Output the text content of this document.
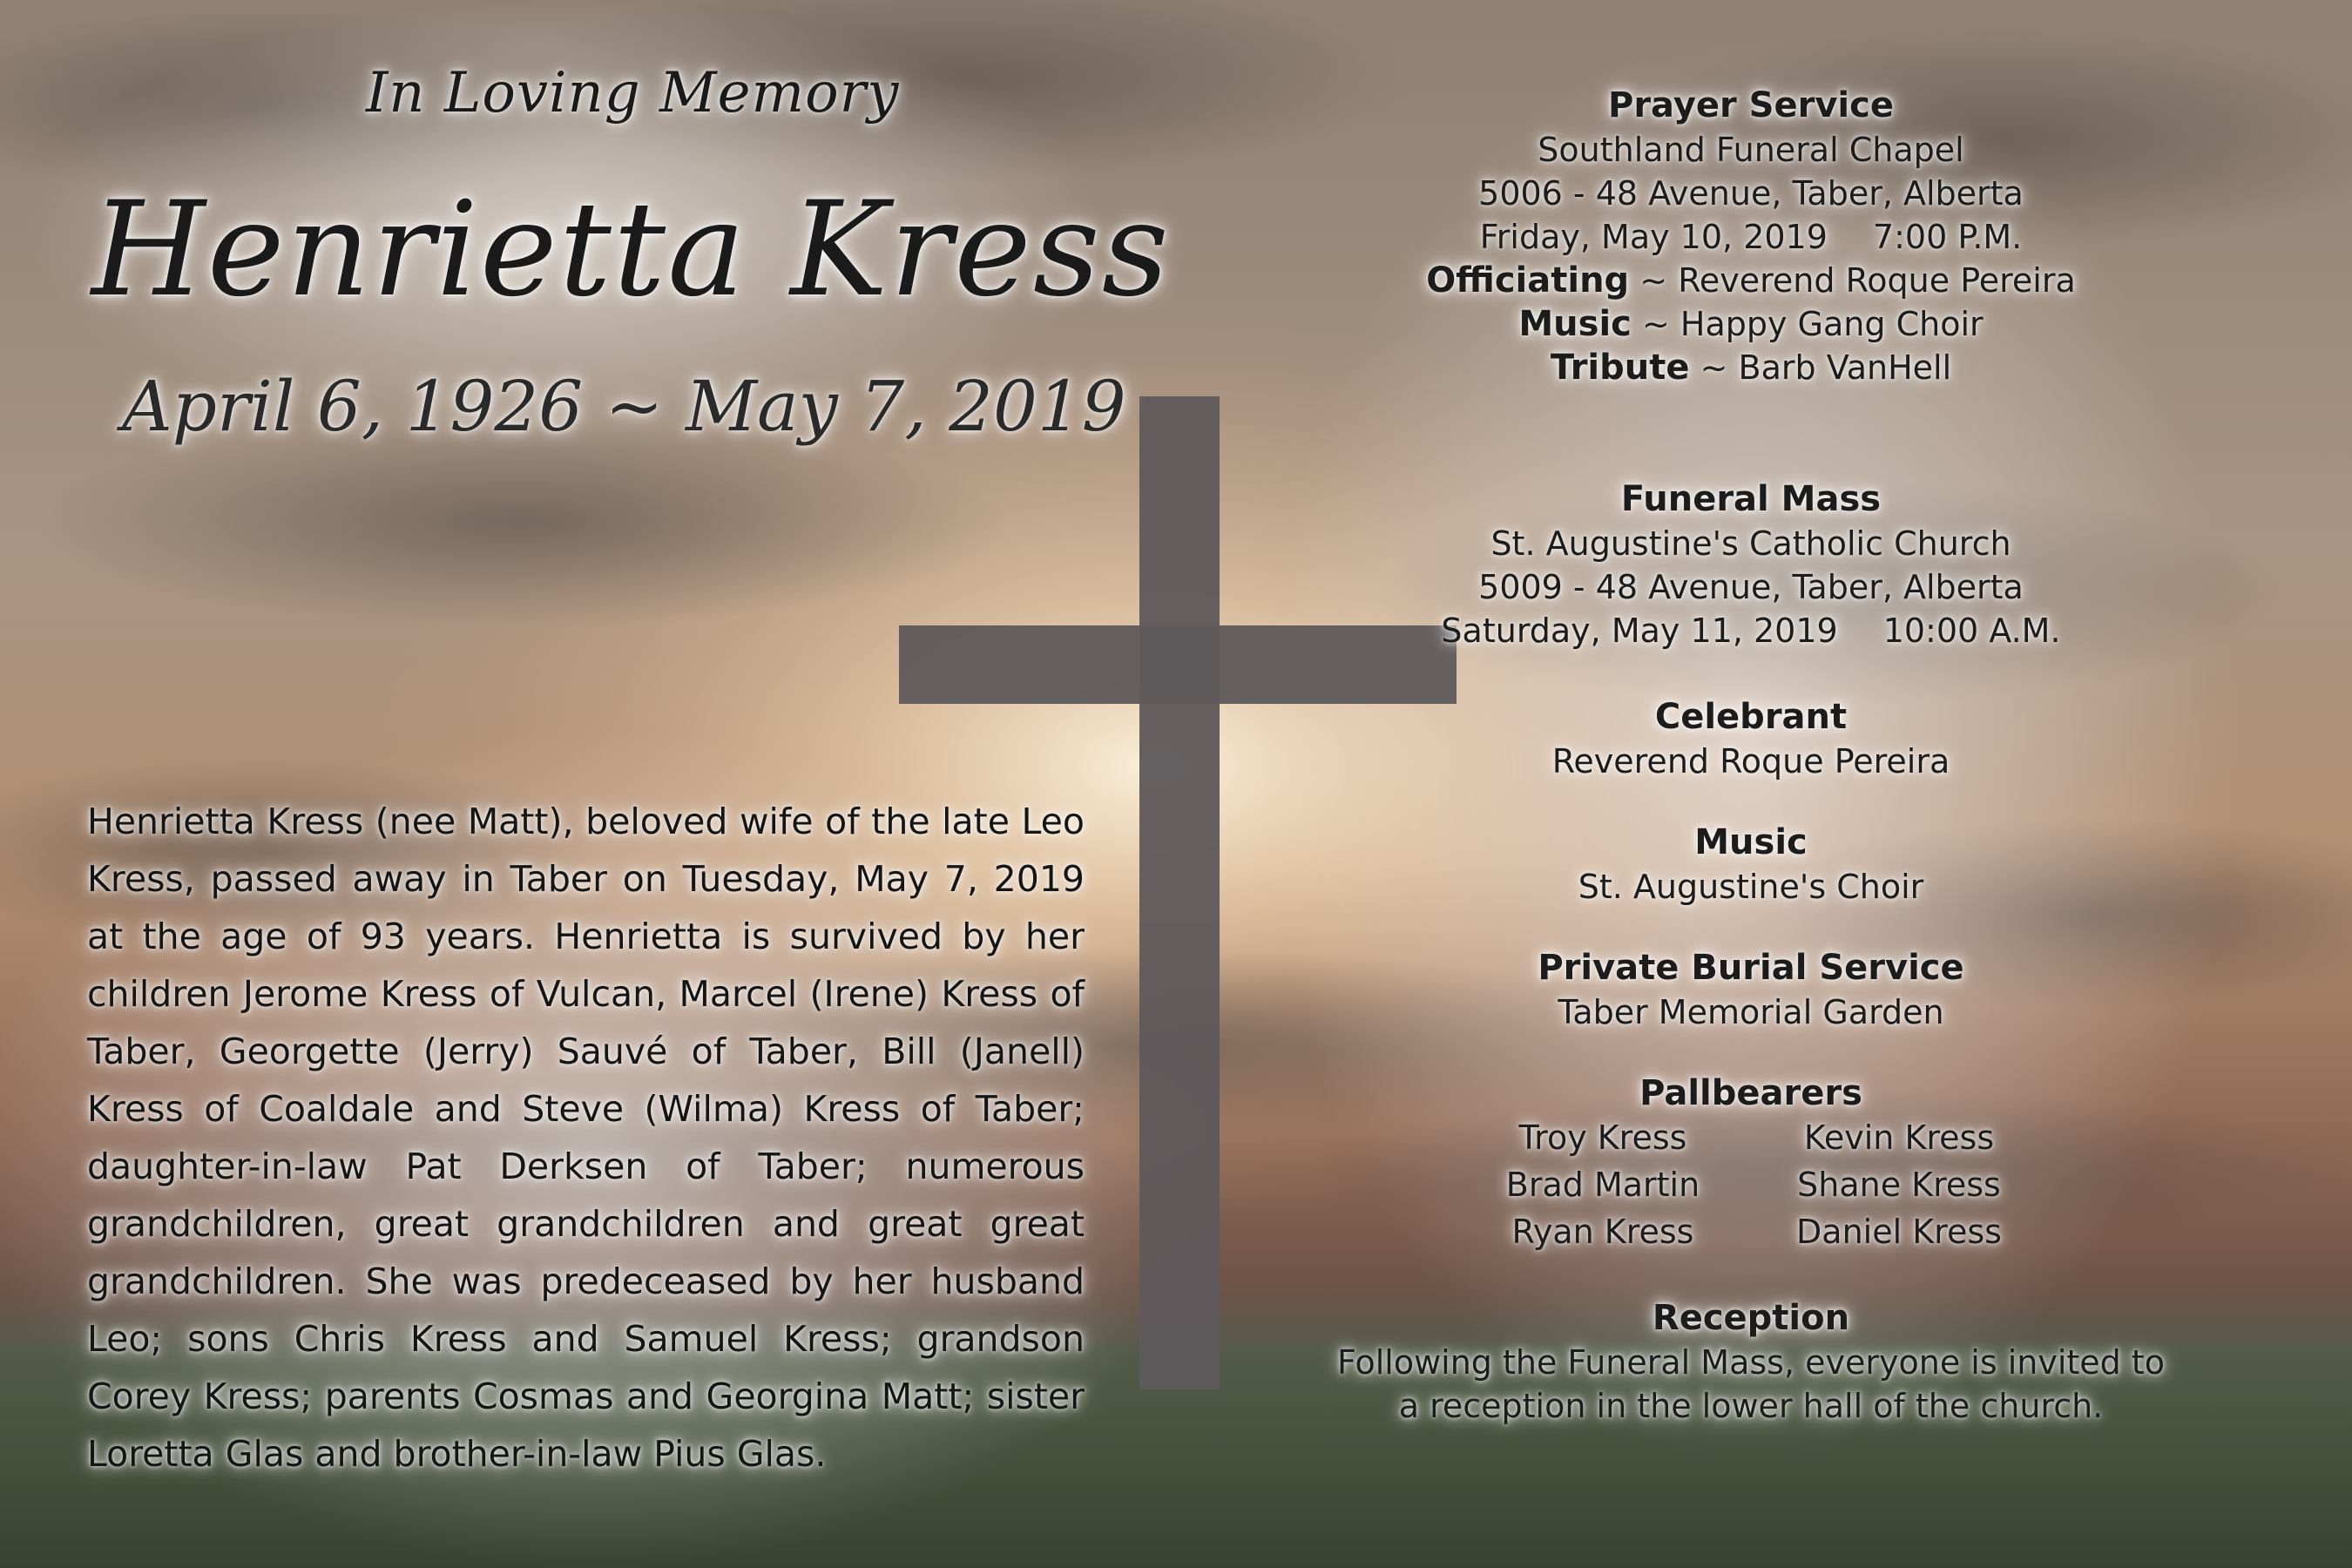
In Loving Memory
Henrietta Kress
April 6, 1926 ~ May 7, 2019
Henrietta Kress (nee Matt), beloved wife of the late Leo Kress, passed away in Taber on Tuesday, May 7, 2019 at the age of 93 years. Henrietta is survived by her children Jerome Kress of Vulcan, Marcel (Irene) Kress of Taber, Georgette (Jerry) Sauvé of Taber, Bill (Janell) Kress of Coaldale and Steve (Wilma) Kress of Taber; daughter-in-law Pat Derksen of Taber; numerous grandchildren, great grandchildren and great great grandchildren. She was predeceased by her husband Leo; sons Chris Kress and Samuel Kress; grandson Corey Kress; parents Cosmas and Georgina Matt; sister Loretta Glas and brother-in-law Pius Glas.
Prayer Service
Southland Funeral Chapel
5006 - 48 Avenue, Taber, Alberta
Friday, May 10, 2019 7:00 P.M.
Officiating ~ Reverend Roque Pereira
Music ~ Happy Gang Choir
Tribute ~ Barb VanHell
Funeral Mass
St. Augustine's Catholic Church
5009 - 48 Avenue, Taber, Alberta
Saturday, May 11, 2019 10:00 A.M.
Celebrant
Reverend Roque Pereira
Music
St. Augustine's Choir
Private Burial Service
Taber Memorial Garden
Pallbearers
Troy Kress	Kevin Kress
Brad Martin	Shane Kress
Ryan Kress	Daniel Kress
Reception
Following the Funeral Mass, everyone is invited to
a reception in the lower hall of the church.
